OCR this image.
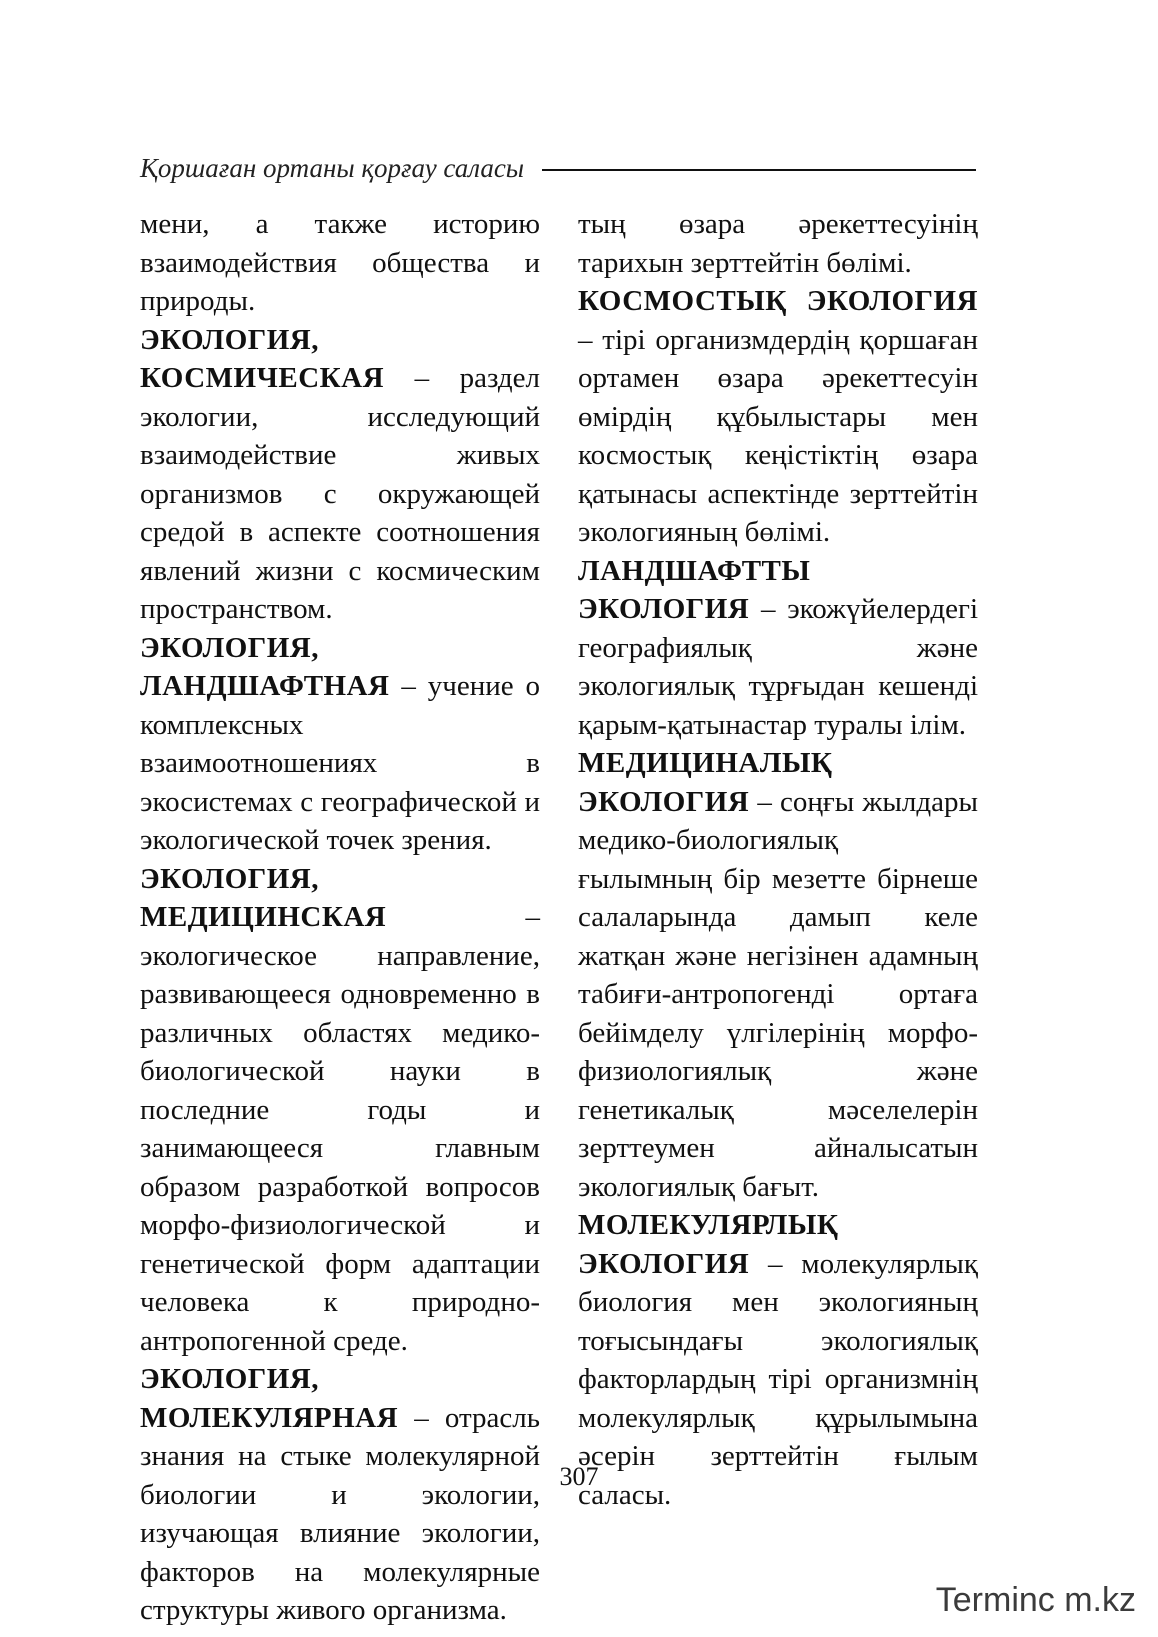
Қоршаған ортаны қорғау саласы

мени, а также историю взаимодействия общества и природы.

ЭКОЛОГИЯ, КОСМИЧЕСКАЯ – раздел экологии, исследующий взаимодействие живых организмов с окружающей средой в аспекте соотношения явлений жизни с космическим пространством.

ЭКОЛОГИЯ, ЛАНДШАФТНАЯ – учение о комплексных взаимоотношениях в экосистемах с географической и экологической точек зрения.

ЭКОЛОГИЯ, МЕДИЦИНСКАЯ – экологическое направление, развивающееся одновременно в различных областях медико-биологической науки в последние годы и занимающееся главным образом разработкой вопросов морфо-физиологической и генетической форм адаптации человека к природно-антропогенной среде.

ЭКОЛОГИЯ, МОЛЕКУЛЯРНАЯ – отрасль знания на стыке молекулярной биологии и экологии, изучающая влияние экологии, факторов на молекулярные структуры живого организма.

тың өзара әрекеттесуінің тарихын зерттейтін бөлімі.

КОСМОСТЫҚ ЭКОЛОГИЯ – тірі организмдердің қоршаған ортамен өзара әрекеттесуін өмірдің құбылыстары мен космостық кеңістіктің өзара қатынасы аспектінде зерттейтін экологияның бөлімі.

ЛАНДШАФТТЫ ЭКОЛОГИЯ – экожүйелердегі географиялық және экологиялық тұрғыдан кешенді қарым-қатынастар туралы ілім.

МЕДИЦИНАЛЫҚ ЭКОЛОГИЯ – соңғы жылдары медико-биологиялық ғылымның бір мезетте бірнеше салаларында дамып келе жатқан және негізінен адамның табиғи-антропогенді ортаға бейімделу үлгілерінің морфо-физиологиялық және генетикалық мәселелерін зерттеумен айналысатын экологиялық бағыт.

МОЛЕКУЛЯРЛЫҚ ЭКОЛОГИЯ – молекулярлық биология мен экологияның тоғысындағы экологиялық факторлардың тірі организмнің молекулярлық құрылымына әсерін зерттейтін ғылым саласы.

307
Terminc m.kz
